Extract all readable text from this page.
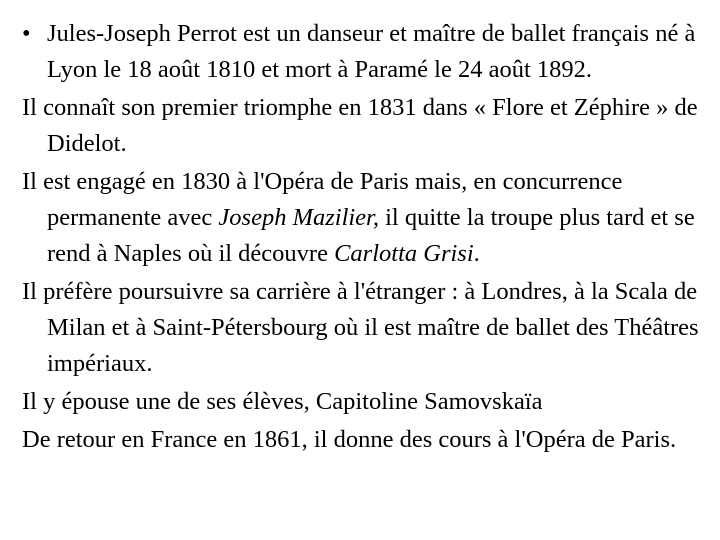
• Jules-Joseph Perrot est un danseur et maître de ballet français né à Lyon le 18 août 1810 et mort à Paramé le 24 août 1892.

Il connaît son premier triomphe en 1831 dans « Flore et Zéphire » de Didelot.

Il est engagé en 1830 à l'Opéra de Paris mais, en concurrence permanente avec Joseph Mazilier, il quitte la troupe plus tard et se rend à Naples où il découvre Carlotta Grisi.

Il préfère poursuivre sa carrière à l'étranger : à Londres, à la Scala de Milan et à Saint-Pétersbourg où il est maître de ballet des Théâtres impériaux.

Il y épouse une de ses élèves, Capitoline Samovskaïa

De retour en France en 1861, il donne des cours à l'Opéra de Paris.
